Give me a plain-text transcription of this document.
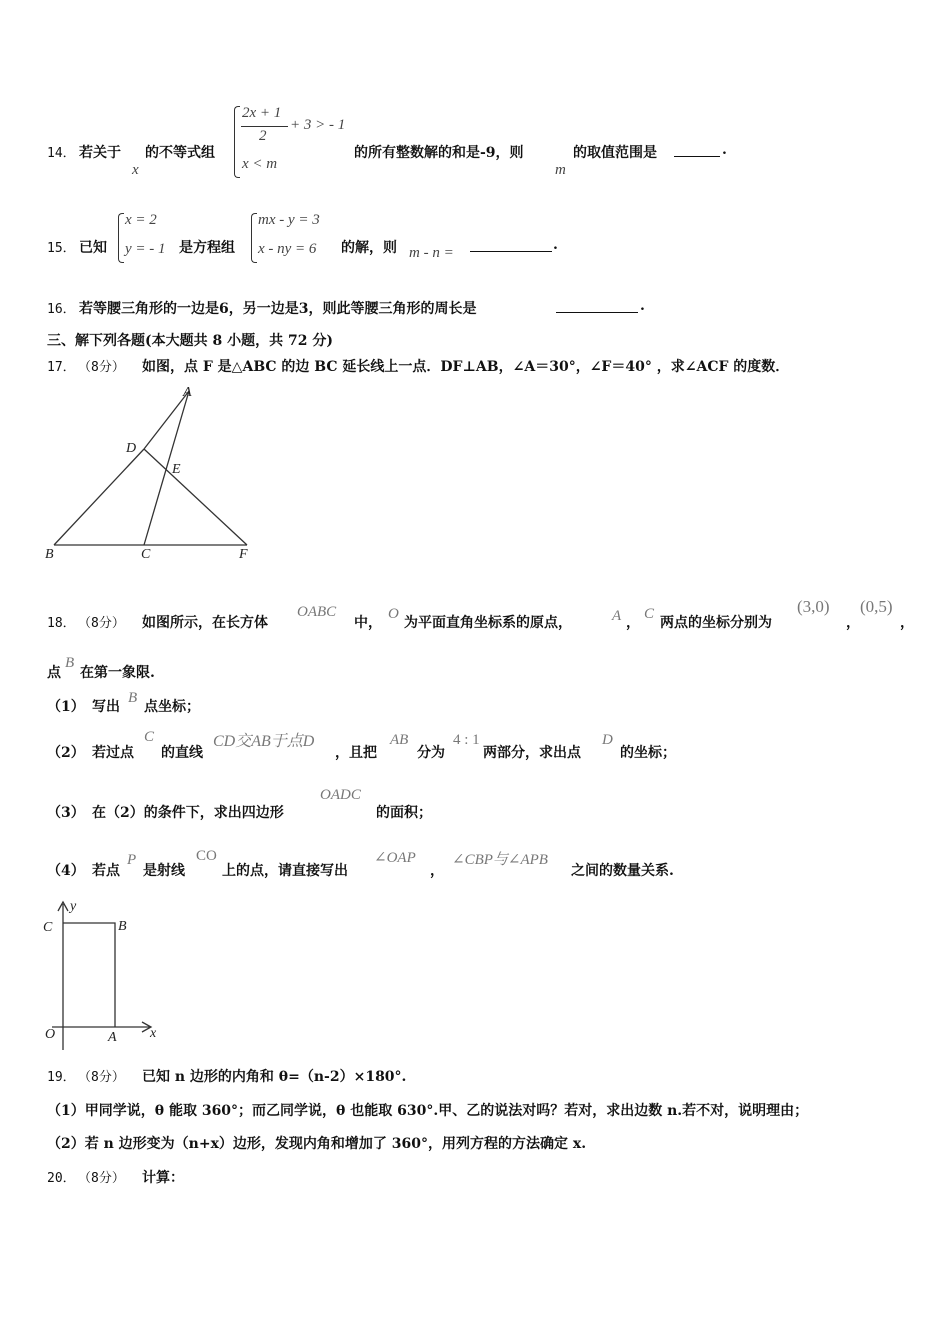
14． 若关于
x
的不等式组
2x + 1
2
+ 3 > - 1
x < m
的所有整数解的和是-9，则
m
的取值范围是	.
15． 已知
x = 2
y = - 1 是方程组
mx - y = 3
x - ny = 6 的解，则 m - n =	.
16． 若等腰三角形的一边是6，另一边是3，则此等腰三角形的周长是	.
三、解下列各题(本大题共 8 小题，共 72 分)
17． （8分） 如图，点 F 是△ABC 的边 BC 延长线上一点．DF⊥AB，∠A＝30°，∠F＝40° ，求∠ACF 的度数．
A
D
E
B	C	F
18． （8分） 如图所示，在长方体
OABC
中，
O
为平面直角坐标系的原点，	A ，
C
两点的坐标分别为
(3,0)
，
(0,5)
，
点
B
在第一象限.
（1） 写出
B
点坐标；
（2） 若过点
C
的直线
CD交AB于点D
，且把
AB
分为
4 : 1
两部分，求出点
D
的坐标；
（3） 在（2）的条件下，求出四边形
OADC
的面积；
（4） 若点
P
是射线
CO
上的点，请直接写出
∠OAP
，
∠CBP与∠APB
之间的数量关系.
y
C	B
O	A x
19． （8分） 已知 n 边形的内角和 θ=（n-2）×180°.
（1）甲同学说，θ 能取 360°；而乙同学说，θ 也能取 630°.甲、乙的说法对吗？若对，求出边数 n.若不对，说明理由；
（2）若 n 边形变为（n+x）边形，发现内角和增加了 360°，用列方程的方法确定 x.
20． （8分） 计算：
